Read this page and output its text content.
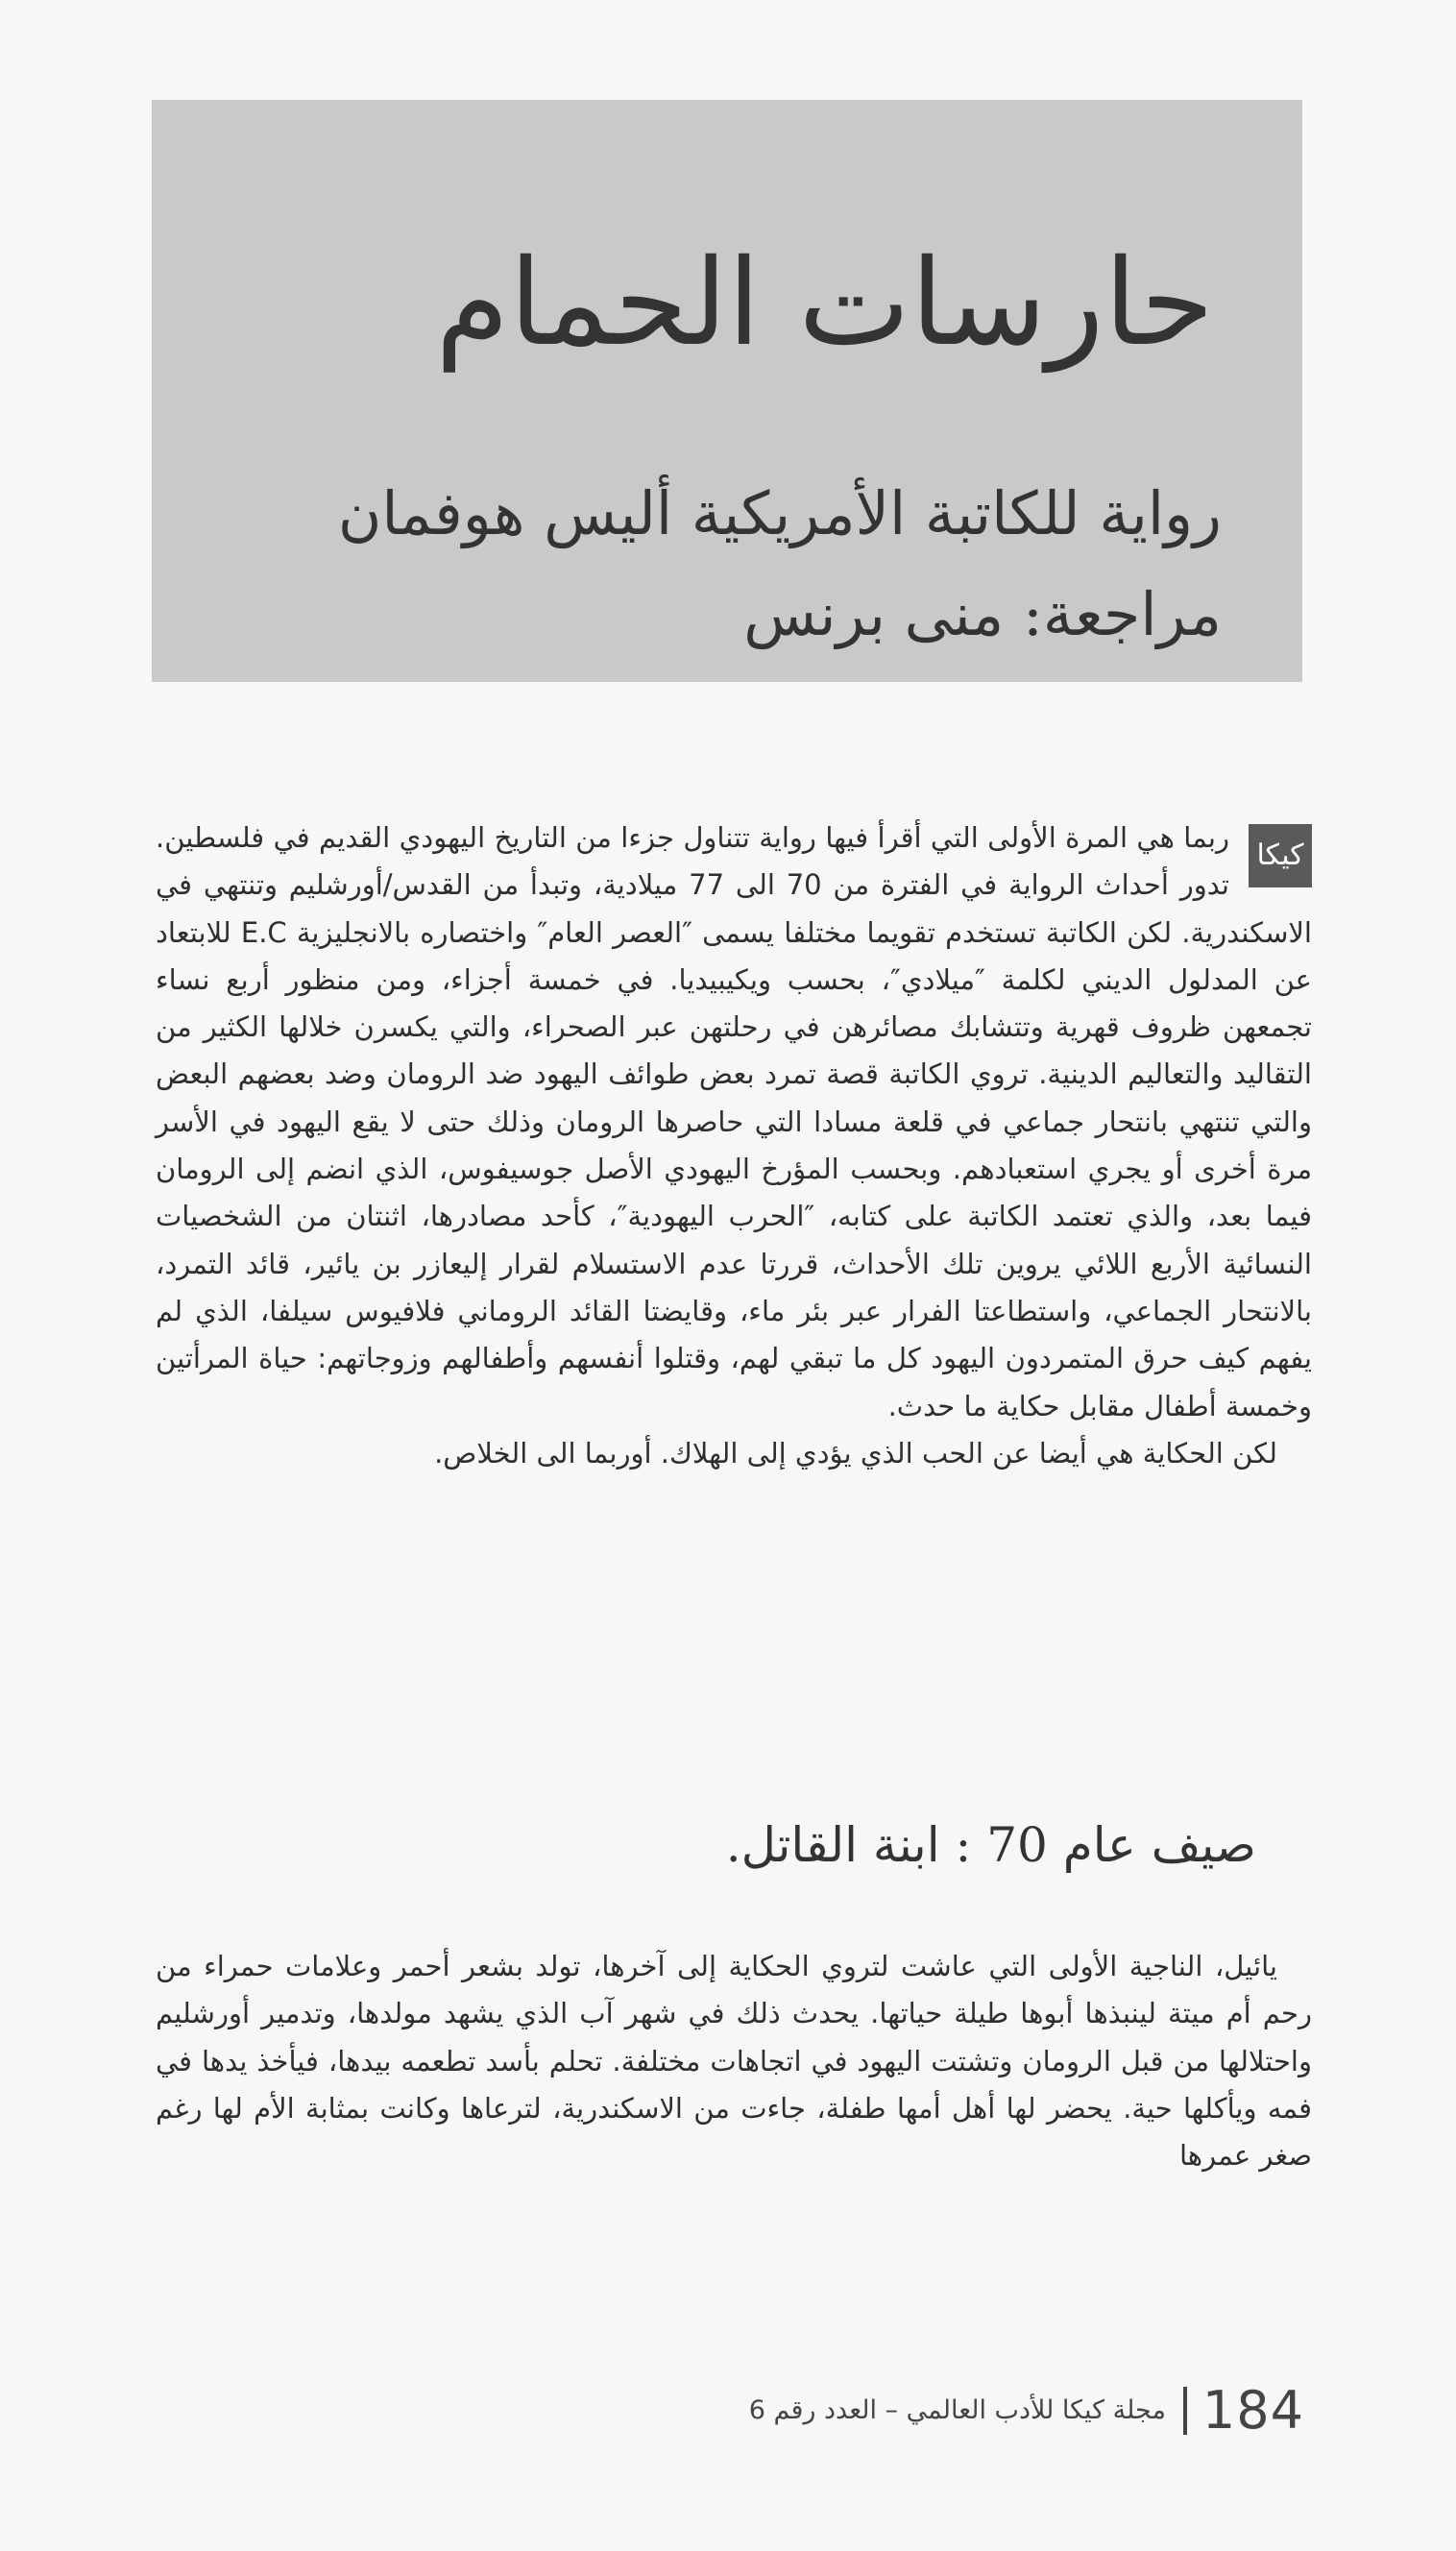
حارسات الحمام
رواية للكاتبة الأمريكية أليس هوفمان
مراجعة: منى برنس
كيكا

ربما هي المرة الأولى التي أقرأ فيها رواية تتناول جزءا من التاريخ اليهودي القديم في فلسطين. تدور أحداث الرواية في الفترة من 70 الى 77 ميلادية، وتبدأ من القدس/أورشليم وتنتهي في الاسكندرية. لكن الكاتبة تستخدم تقويما مختلفا يسمى ″العصر العام″ واختصاره بالانجليزية E.C للابتعاد عن المدلول الديني لكلمة ″ميلادي″، بحسب ويكيبيديا. في خمسة أجزاء، ومن منظور أربع نساء تجمعهن ظروف قهرية وتتشابك مصائرهن في رحلتهن عبر الصحراء، والتي يكسرن خلالها الكثير من التقاليد والتعاليم الدينية. تروي الكاتبة قصة تمرد بعض طوائف اليهود ضد الرومان وضد بعضهم البعض والتي تنتهي بانتحار جماعي في قلعة مسادا التي حاصرها الرومان وذلك حتى لا يقع اليهود في الأسر مرة أخرى أو يجري استعبادهم. وبحسب المؤرخ اليهودي الأصل جوسيفوس، الذي انضم إلى الرومان فيما بعد، والذي تعتمد الكاتبة على كتابه، ″الحرب اليهودية″، كأحد مصادرها، اثنتان من الشخصيات النسائية الأربع اللائي يروين تلك الأحداث، قررتا عدم الاستسلام لقرار إليعازر بن يائير، قائد التمرد، بالانتحار الجماعي، واستطاعتا الفرار عبر بئر ماء، وقايضتا القائد الروماني فلافيوس سيلفا، الذي لم يفهم كيف حرق المتمردون اليهود كل ما تبقي لهم، وقتلوا أنفسهم وأطفالهم وزوجاتهم: حياة المرأتين وخمسة أطفال مقابل حكاية ما حدث.

لكن الحكاية هي أيضا عن الحب الذي يؤدي إلى الهلاك. أوربما الى الخلاص.

صيف عام 70 : ابنة القاتل.

يائيل، الناجية الأولى التي عاشت لتروي الحكاية إلى آخرها، تولد بشعر أحمر وعلامات حمراء من رحم أم ميتة لينبذها أبوها طيلة حياتها. يحدث ذلك في شهر آب الذي يشهد مولدها، وتدمير أورشليم واحتلالها من قبل الرومان وتشتت اليهود في اتجاهات مختلفة. تحلم بأسد تطعمه بيدها، فيأخذ يدها في فمه ويأكلها حية. يحضر لها أهل أمها طفلة، جاءت من الاسكندرية، لترعاها وكانت بمثابة الأم لها رغم صغر عمرها

184
مجلة كيكا للأدب العالمي – العدد رقم 6
